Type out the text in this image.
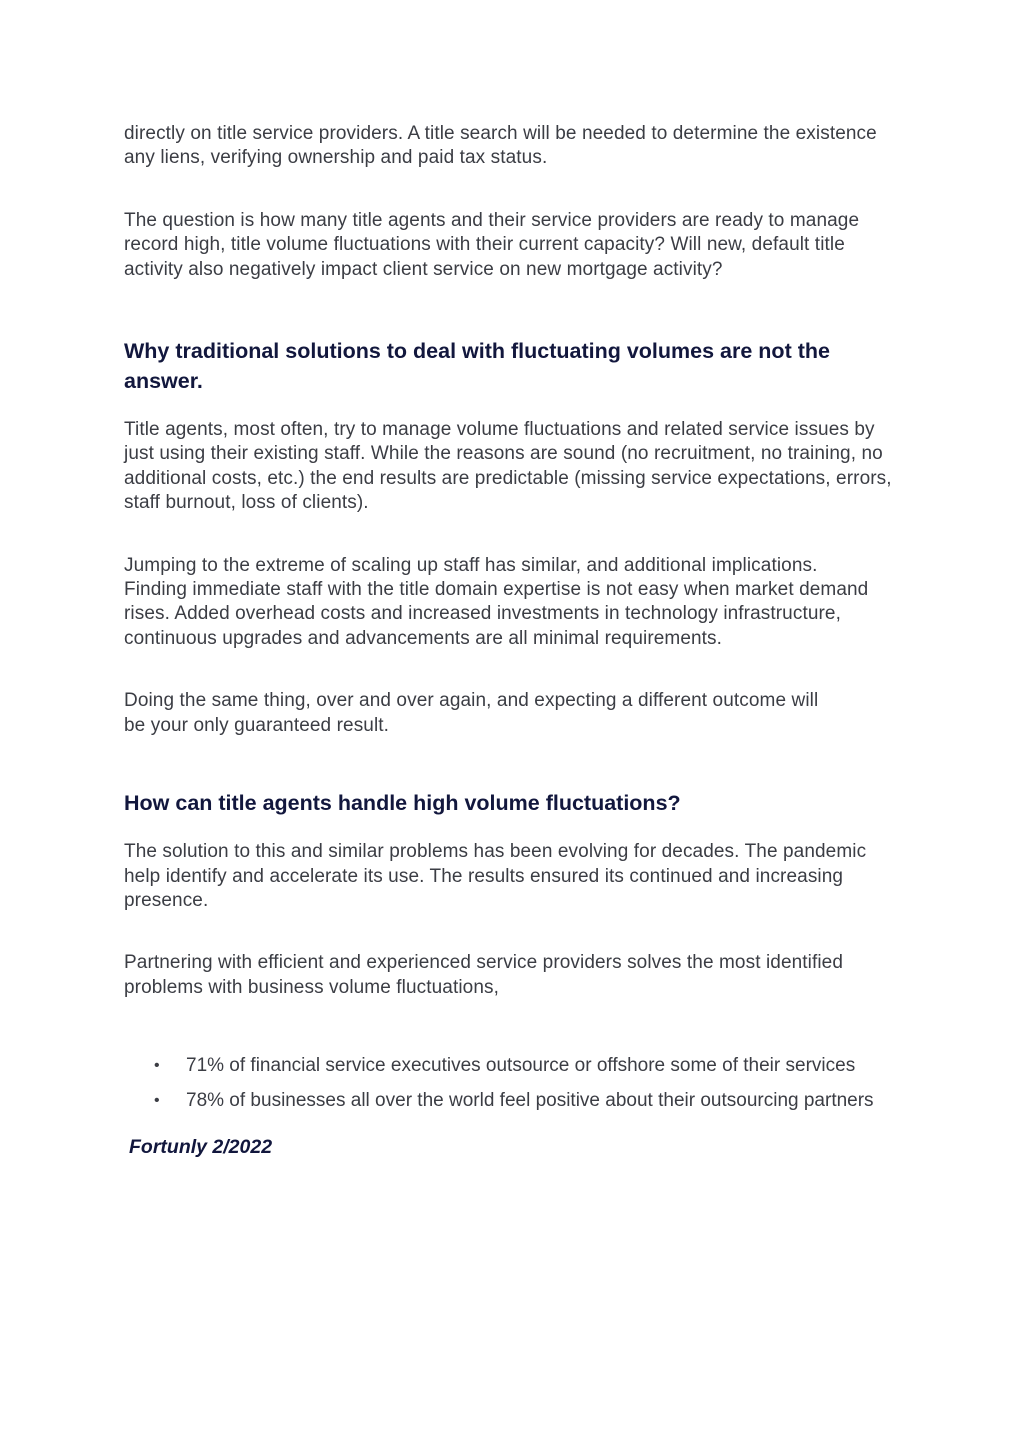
directly on title service providers. A title search will be needed to determine the existence any liens, verifying ownership and paid tax status.

The question is how many title agents and their service providers are ready to manage record high, title volume fluctuations with their current capacity? Will new, default title activity also negatively impact client service on new mortgage activity?

Why traditional solutions to deal with fluctuating volumes are not the answer.

Title agents, most often, try to manage volume fluctuations and related service issues by just using their existing staff. While the reasons are sound (no recruitment, no training, no additional costs, etc.) the end results are predictable (missing service expectations, errors, staff burnout, loss of clients).

Jumping to the extreme of scaling up staff has similar, and additional implications. Finding immediate staff with the title domain expertise is not easy when market demand rises. Added overhead costs and increased investments in technology infrastructure, continuous upgrades and advancements are all minimal requirements.

Doing the same thing, over and over again, and expecting a different outcome will be your only guaranteed result.

How can title agents handle high volume fluctuations?

The solution to this and similar problems has been evolving for decades. The pandemic help identify and accelerate its use. The results ensured its continued and increasing presence.

Partnering with efficient and experienced service providers solves the most identified problems with business volume fluctuations,

• 71% of financial service executives outsource or offshore some of their services
• 78% of businesses all over the world feel positive about their outsourcing partners

Fortunly 2/2022
